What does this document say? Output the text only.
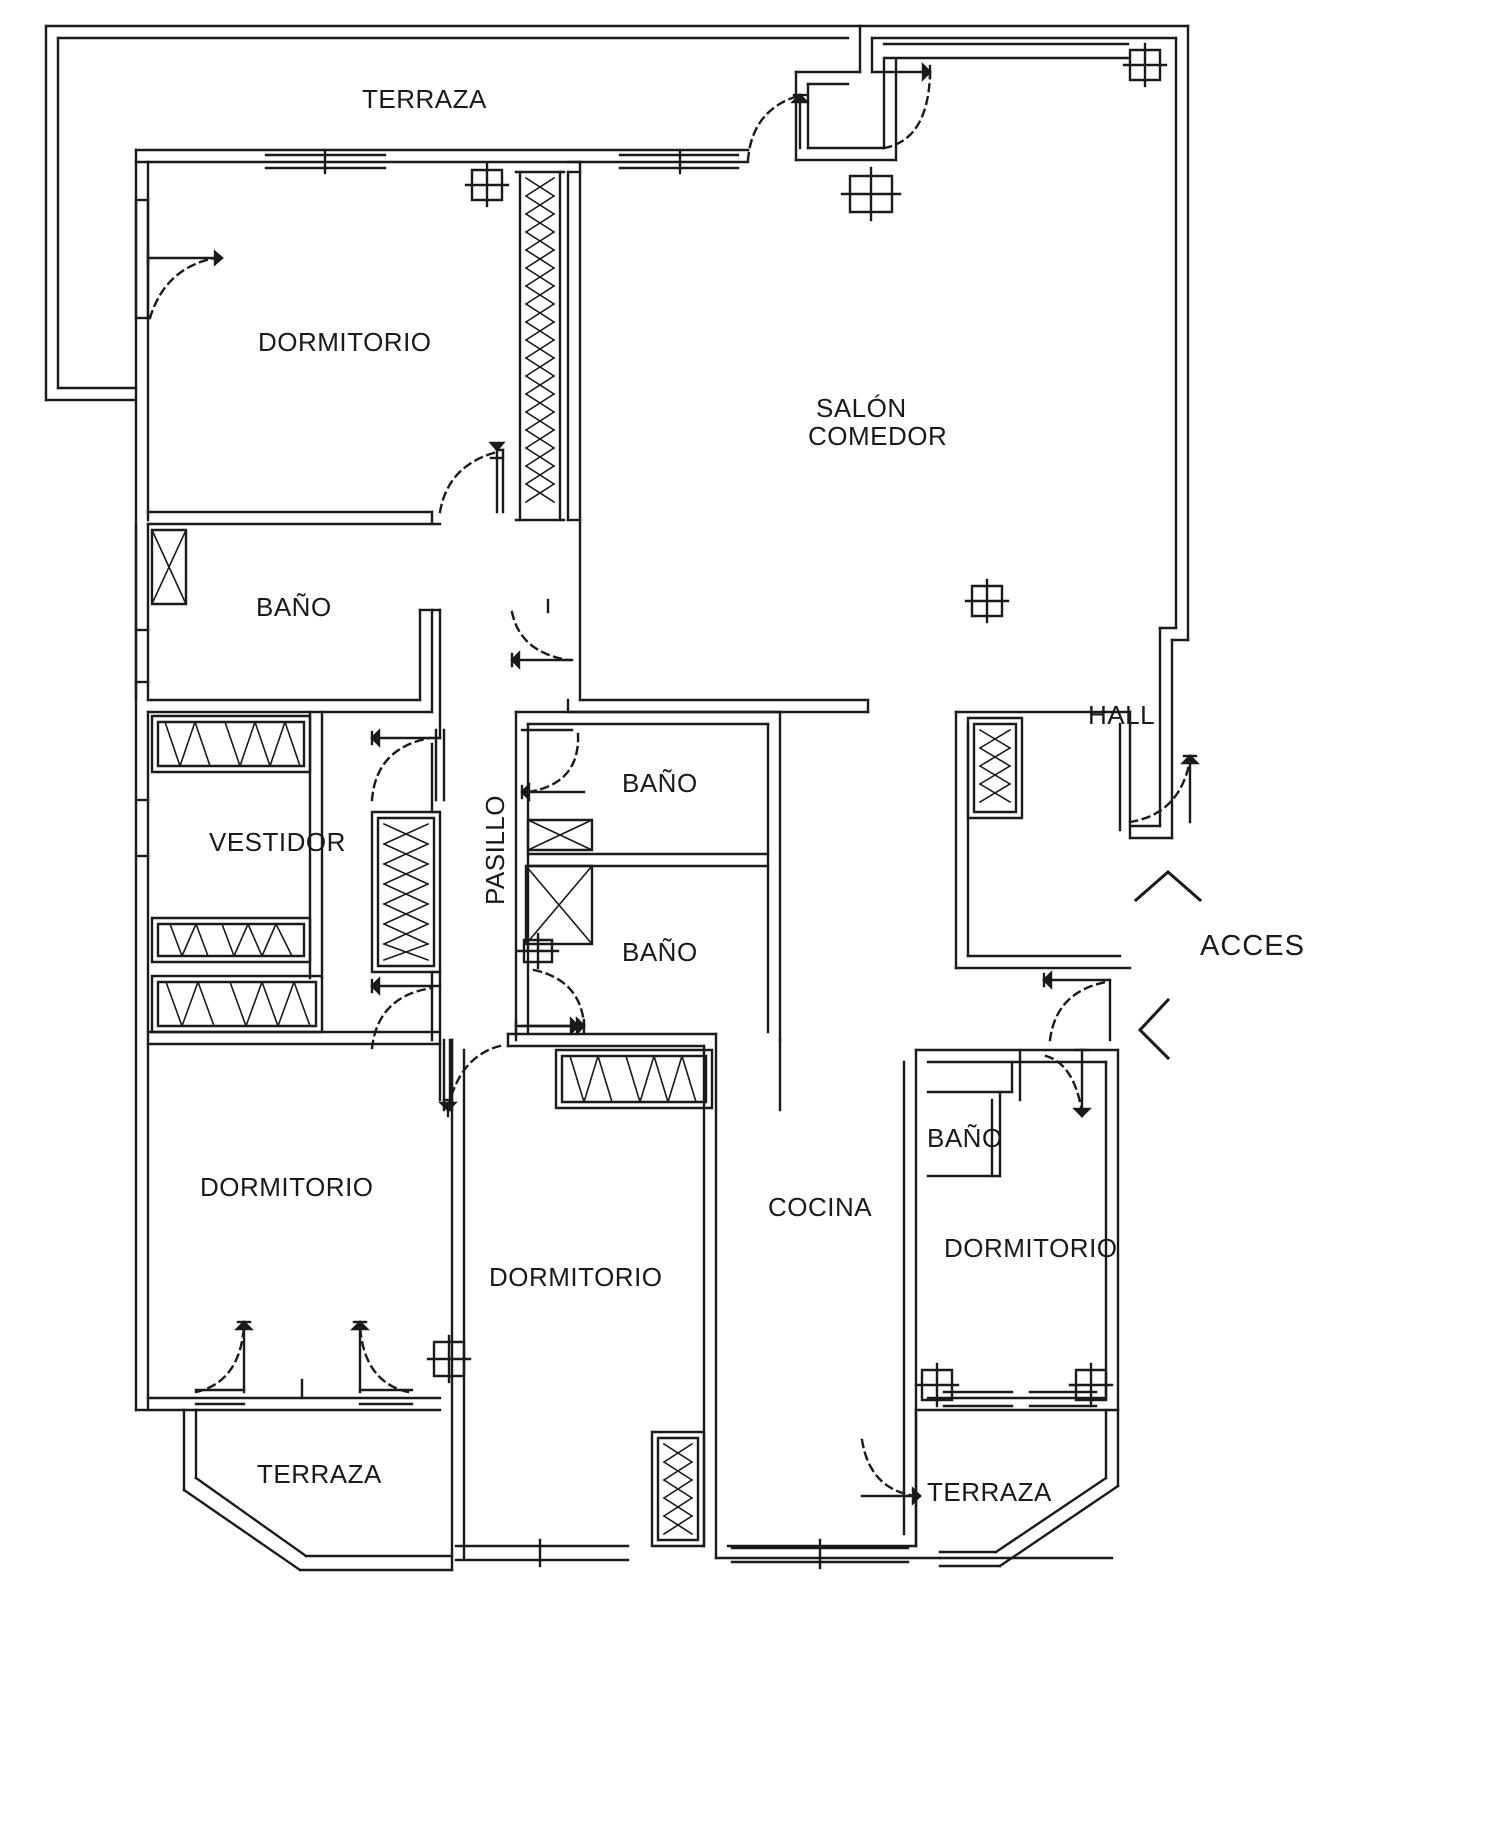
TERRAZA
DORMITORIO
SALÓN
COMEDOR
BAÑO
HALL
BAÑO
VESTIDOR	PASILLO
BAÑO	ACCES
BAÑO
DORMITORIO
COCINA
DORMITORIO
DORMITORIO
TERRAZA
TERRAZA
